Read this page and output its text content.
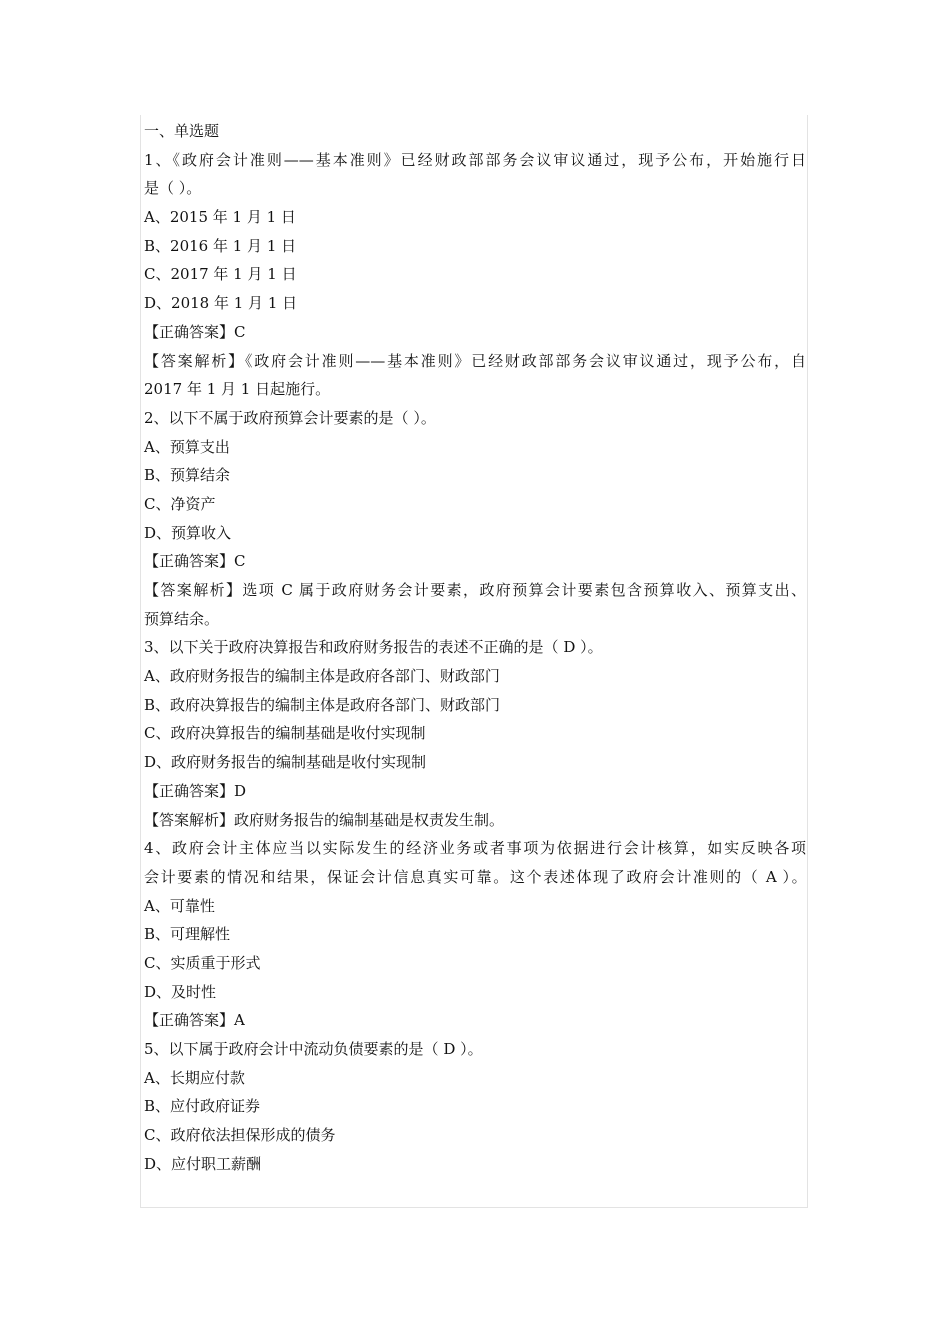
一、单选题
1、《政府会计准则——基本准则》已经财政部部务会议审议通过，现予公布，开始施行日
是（ ）。
A、2015 年 1 月 1 日
B、2016 年 1 月 1 日
C、2017 年 1 月 1 日
D、2018 年 1 月 1 日
【正确答案】C
【答案解析】《政府会计准则——基本准则》已经财政部部务会议审议通过，现予公布，自
2017 年 1 月 1 日起施行。
2、以下不属于政府预算会计要素的是（ ）。
A、预算支出
B、预算结余
C、净资产
D、预算收入
【正确答案】C
【答案解析】选项 C 属于政府财务会计要素，政府预算会计要素包含预算收入、预算支出、
预算结余。
3、以下关于政府决算报告和政府财务报告的表述不正确的是（ D ）。
A、政府财务报告的编制主体是政府各部门、财政部门
B、政府决算报告的编制主体是政府各部门、财政部门
C、政府决算报告的编制基础是收付实现制
D、政府财务报告的编制基础是收付实现制
【正确答案】D
【答案解析】政府财务报告的编制基础是权责发生制。
4、政府会计主体应当以实际发生的经济业务或者事项为依据进行会计核算，如实反映各项
会计要素的情况和结果，保证会计信息真实可靠。这个表述体现了政府会计准则的（ A ）。
A、可靠性
B、可理解性
C、实质重于形式
D、及时性
【正确答案】A
5、以下属于政府会计中流动负债要素的是（ D ）。
A、长期应付款
B、应付政府证券
C、政府依法担保形成的债务
D、应付职工薪酬
